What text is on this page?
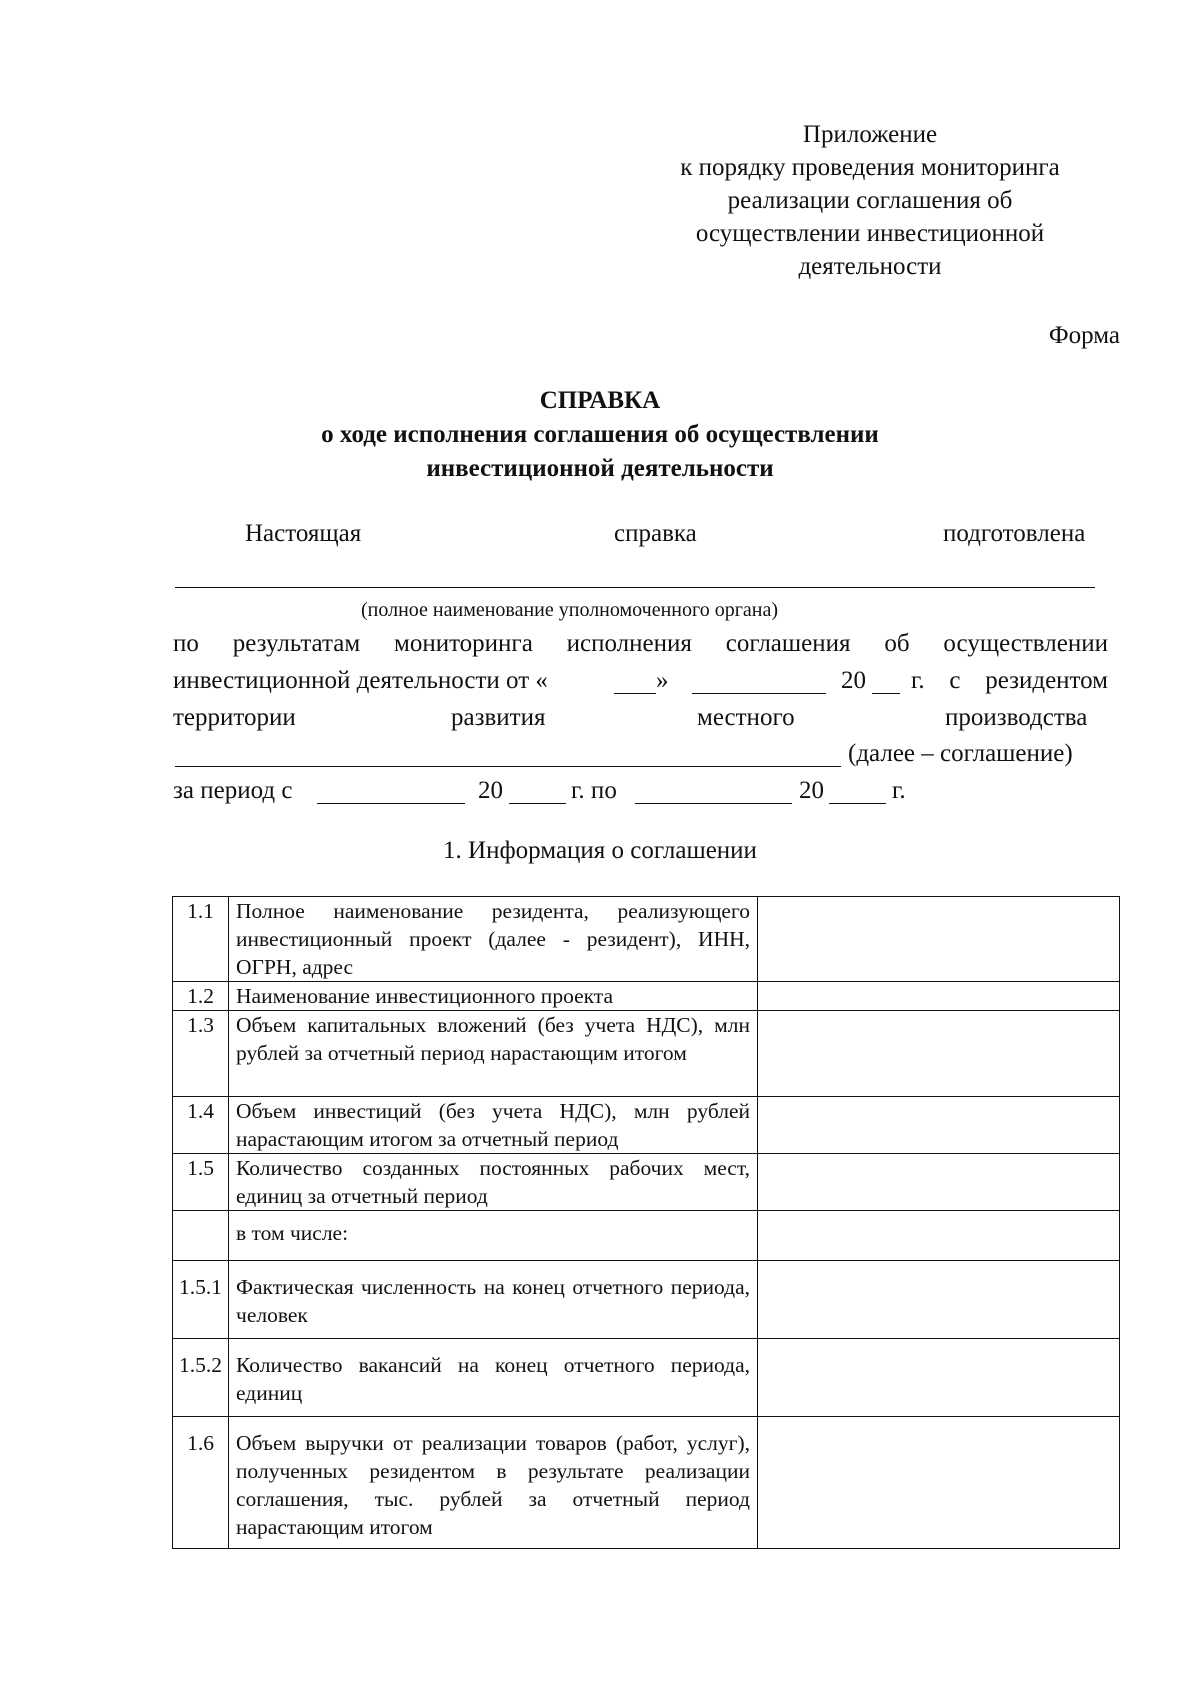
Приложение
к порядку проведения мониторинга
реализации соглашения об
осуществлении инвестиционной
деятельности
Форма
СПРАВКА
о ходе исполнения соглашения об осуществлении
инвестиционной деятельности
Настоящая	справка	подготовлена
(полное наименование уполномоченного органа)
по результатам мониторинга исполнения соглашения об осуществлении
инвестиционной деятельности от «	»	20 г. с резидентом
территории	развития	местного	производства
(далее – соглашение)
за период с	20	г. по	20	г.
1. Информация о соглашении
1.1	Полное наименование резидента, реализующего инвестиционный проект (далее - резидент), ИНН, ОГРН, адрес	
1.2	Наименование инвестиционного проекта	
1.3	Объем капитальных вложений (без учета НДС), млн рублей за отчетный период нарастающим итогом	
1.4	Объем инвестиций (без учета НДС), млн рублей нарастающим итогом за отчетный период	
1.5	Количество созданных постоянных рабочих мест, единиц за отчетный период	
	в том числе:	
1.5.1	Фактическая численность на конец отчетного периода, человек	
1.5.2	Количество вакансий на конец отчетного периода, единиц	
1.6	Объем выручки от реализации товаров (работ, услуг), полученных резидентом в результате реализации соглашения, тыс. рублей за отчетный период нарастающим итогом	
